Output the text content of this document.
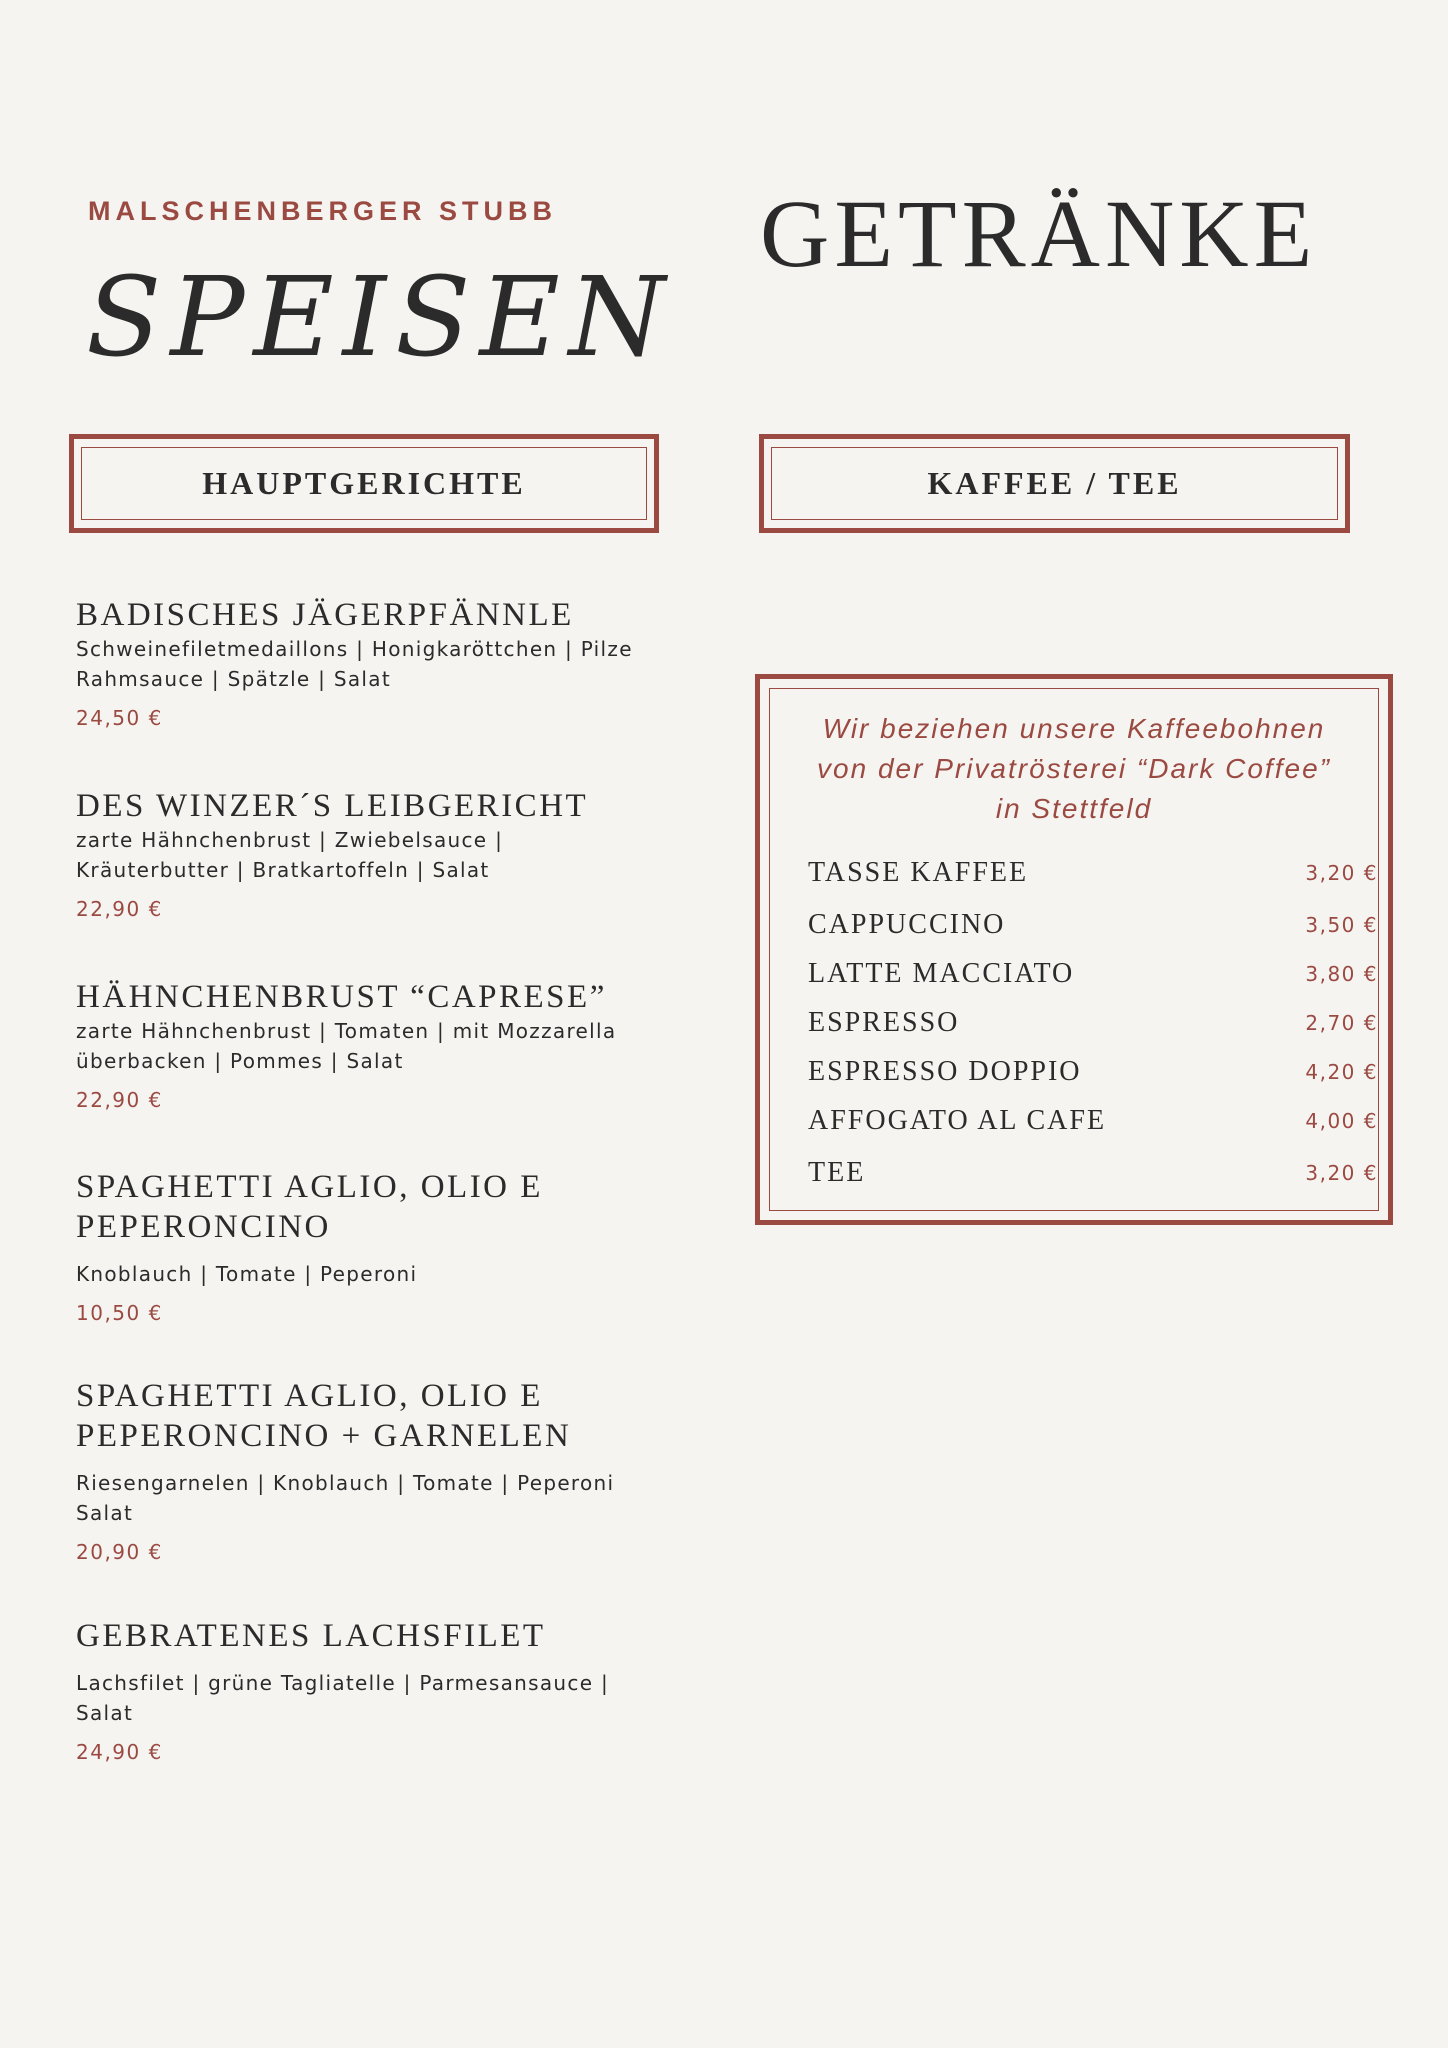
MALSCHENBERGER STUBB
SPEISEN
GETRÄNKE
HAUPTGERICHTE	KAFFEE / TEE
BADISCHES JÄGERPFÄNNLE
Schweinefiletmedaillons | Honigkaröttchen | Pilze
Rahmsauce | Spätzle | Salat
24,50 €
DES WINZER´S LEIBGERICHT
zarte Hähnchenbrust | Zwiebelsauce |
Kräuterbutter | Bratkartoffeln | Salat
22,90 €
HÄHNCHENBRUST “CAPRESE”
zarte Hähnchenbrust | Tomaten | mit Mozzarella
überbacken | Pommes | Salat
22,90 €
SPAGHETTI AGLIO, OLIO E
PEPERONCINO
Knoblauch | Tomate | Peperoni
10,50 €
SPAGHETTI AGLIO, OLIO E
PEPERONCINO + GARNELEN
Riesengarnelen | Knoblauch | Tomate | Peperoni
Salat
20,90 €
GEBRATENES LACHSFILET
Lachsfilet | grüne Tagliatelle | Parmesansauce |
Salat
24,90 €
Wir beziehen unsere Kaffeebohnen
von der Privatrösterei “Dark Coffee”
in Stettfeld
TASSE KAFFEE	3,20 €
CAPPUCCINO	3,50 €
LATTE MACCIATO	3,80 €
ESPRESSO	2,70 €
ESPRESSO DOPPIO	4,20 €
AFFOGATO AL CAFE	4,00 €
TEE	3,20 €
